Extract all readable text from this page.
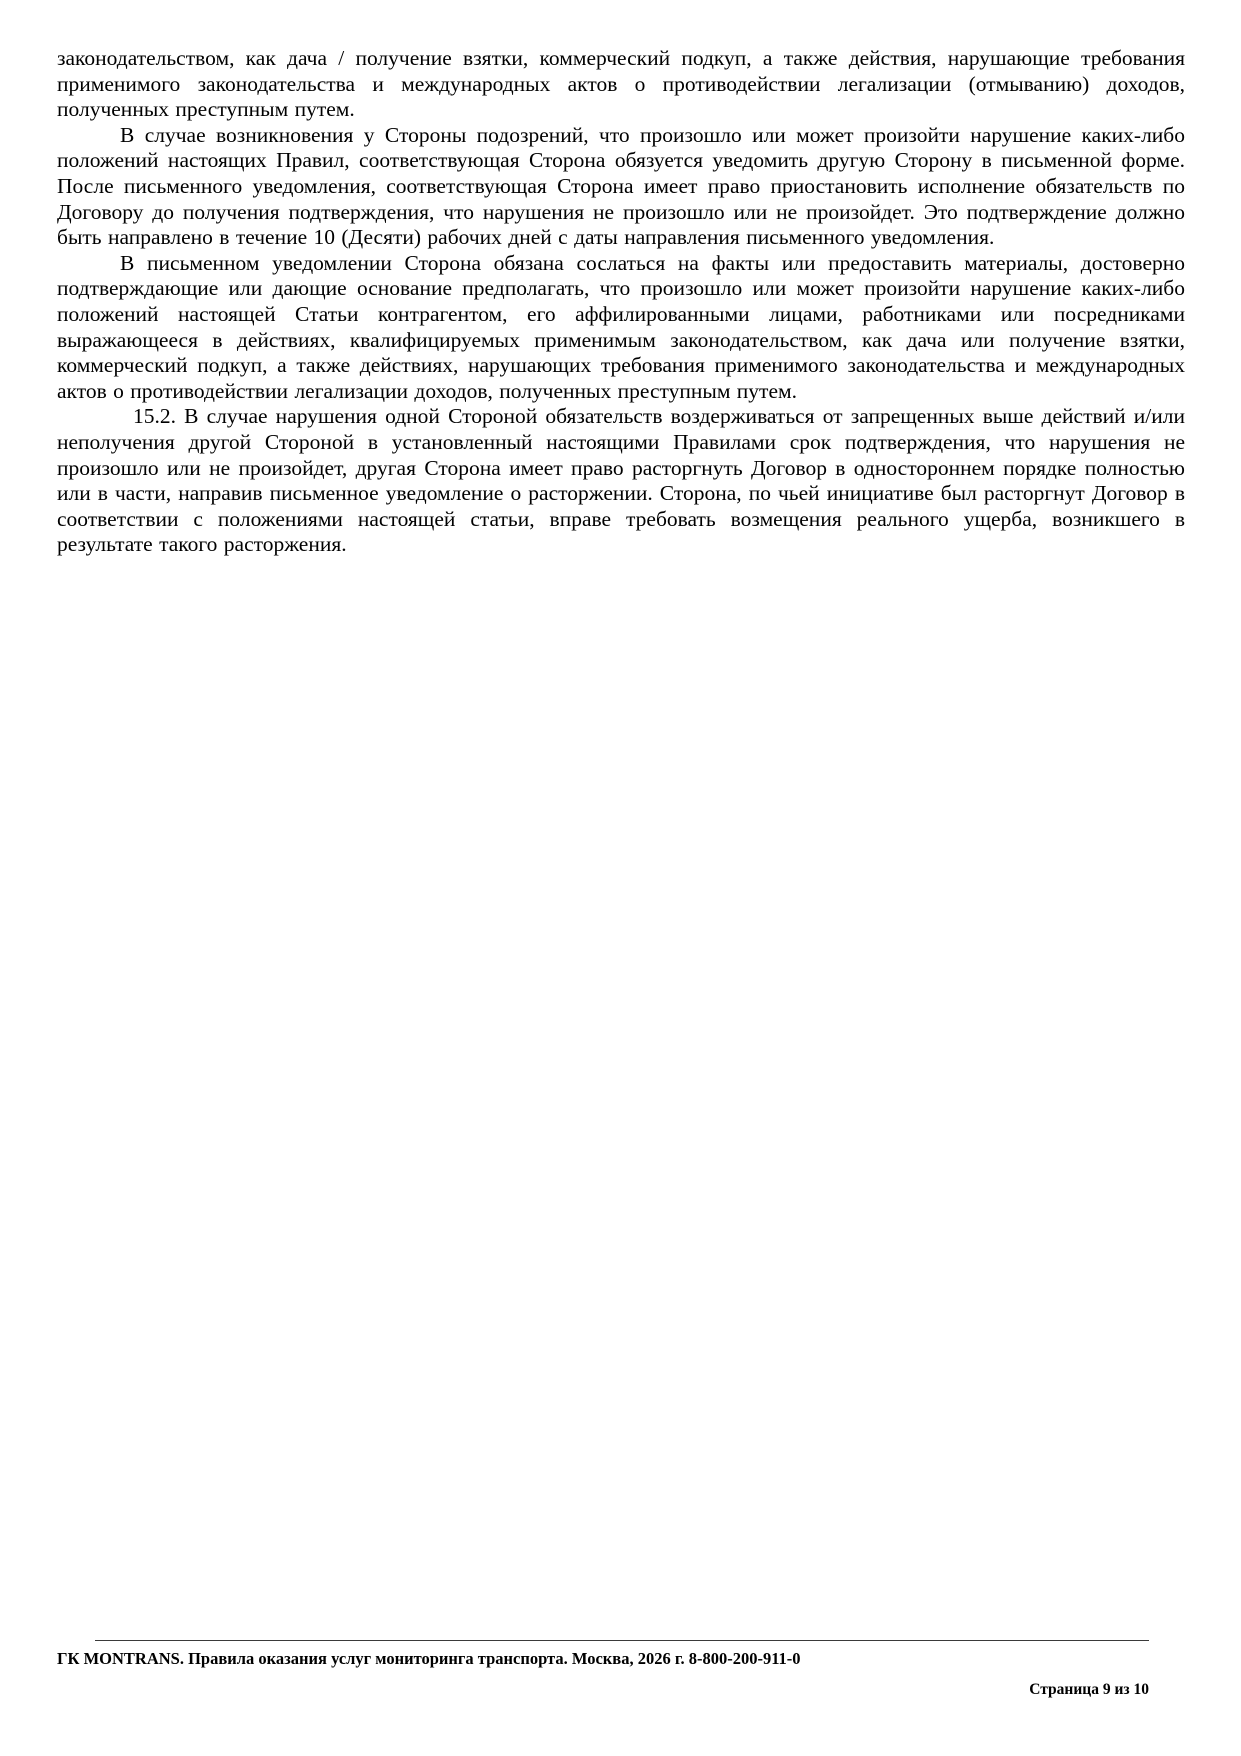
законодательством, как дача / получение взятки, коммерческий подкуп, а также действия, нарушающие требования применимого законодательства и международных актов о противодействии легализации (отмыванию) доходов, полученных преступным путем.

В случае возникновения у Стороны подозрений, что произошло или может произойти нарушение каких-либо положений настоящих Правил, соответствующая Сторона обязуется уведомить другую Сторону в письменной форме. После письменного уведомления, соответствующая Сторона имеет право приостановить исполнение обязательств по Договору до получения подтверждения, что нарушения не произошло или не произойдет. Это подтверждение должно быть направлено в течение 10 (Десяти) рабочих дней с даты направления письменного уведомления.

В письменном уведомлении Сторона обязана сослаться на факты или предоставить материалы, достоверно подтверждающие или дающие основание предполагать, что произошло или может произойти нарушение каких-либо положений настоящей Статьи контрагентом, его аффилированными лицами, работниками или посредниками выражающееся в действиях, квалифицируемых применимым законодательством, как дача или получение взятки, коммерческий подкуп, а также действиях, нарушающих требования применимого законодательства и международных актов о противодействии легализации доходов, полученных преступным путем.

15.2. В случае нарушения одной Стороной обязательств воздерживаться от запрещенных выше действий и/или неполучения другой Стороной в установленный настоящими Правилами срок подтверждения, что нарушения не произошло или не произойдет, другая Сторона имеет право расторгнуть Договор в одностороннем порядке полностью или в части, направив письменное уведомление о расторжении. Сторона, по чьей инициативе был расторгнут Договор в соответствии с положениями настоящей статьи, вправе требовать возмещения реального ущерба, возникшего в результате такого расторжения.

ГК MONTRANS. Правила оказания услуг мониторинга транспорта. Москва, 2026 г. 8-800-200-911-0
Страница 9 из 10
